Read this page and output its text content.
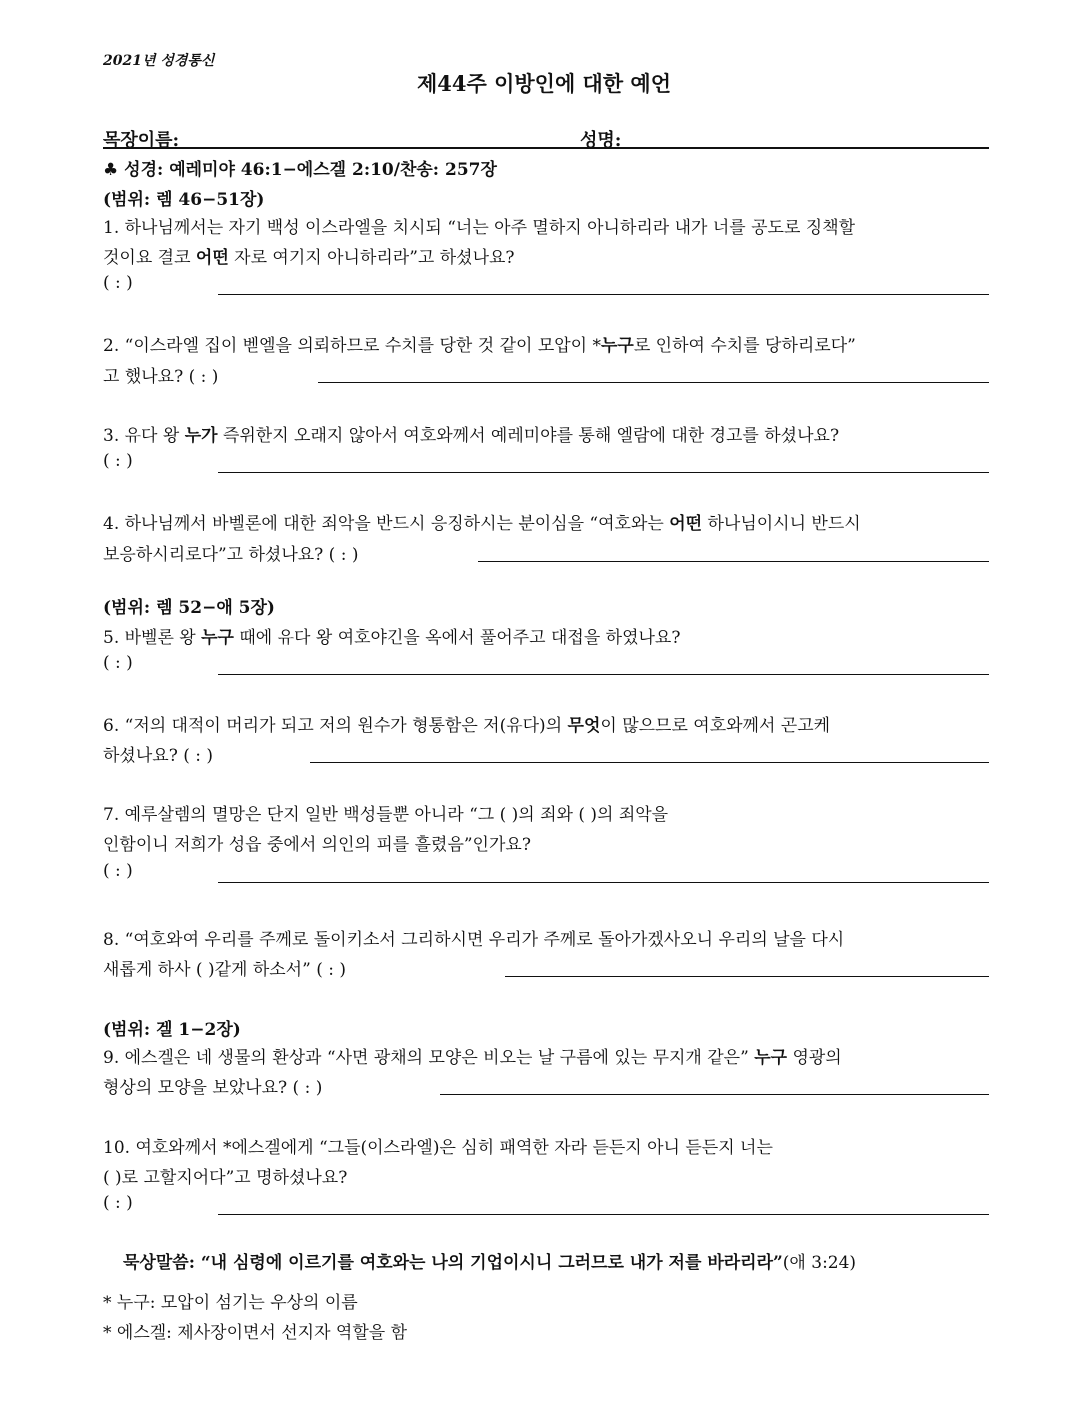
2021년 성경통신
제44주 이방인에 대한 예언
목장이름:	성명:
♣ 성경: 예레미야 46:1−에스겔 2:10/찬송: 257장
(범위: 렘 46−51장)
1. 하나님께서는 자기 백성 이스라엘을 치시되 “너는 아주 멸하지 아니하리라 내가 너를 공도로 징책할
것이요 결코 어떤 자로 여기지 아니하리라”고 하셨나요?
( : )
2. “이스라엘 집이 벧엘을 의뢰하므로 수치를 당한 것 같이 모압이 *누구로 인하여 수치를 당하리로다”
고 했나요? ( : )
3. 유다 왕 누가 즉위한지 오래지 않아서 여호와께서 예레미야를 통해 엘람에 대한 경고를 하셨나요?
( : )
4. 하나님께서 바벨론에 대한 죄악을 반드시 응징하시는 분이심을 “여호와는 어떤 하나님이시니 반드시
보응하시리로다”고 하셨나요? ( : )
(범위: 렘 52−애 5장)
5. 바벨론 왕 누구 때에 유다 왕 여호야긴을 옥에서 풀어주고 대접을 하였나요?
( : )
6. “저의 대적이 머리가 되고 저의 원수가 형통함은 저(유다)의 무엇이 많으므로 여호와께서 곤고케
하셨나요? ( : )
7. 예루살렘의 멸망은 단지 일반 백성들뿐 아니라 “그 ( )의 죄와 ( )의 죄악을
인함이니 저희가 성읍 중에서 의인의 피를 흘렸음”인가요?
( : )
8. “여호와여 우리를 주께로 돌이키소서 그리하시면 우리가 주께로 돌아가겠사오니 우리의 날을 다시
새롭게 하사 ( )같게 하소서” ( : )
(범위: 겔 1−2장)
9. 에스겔은 네 생물의 환상과 “사면 광채의 모양은 비오는 날 구름에 있는 무지개 같은” 누구 영광의
형상의 모양을 보았나요? ( : )
10. 여호와께서 *에스겔에게 “그들(이스라엘)은 심히 패역한 자라 듣든지 아니 듣든지 너는
( )로 고할지어다”고 명하셨나요?
( : )
묵상말씀: “내 심령에 이르기를 여호와는 나의 기업이시니 그러므로 내가 저를 바라리라”(애 3:24)
* 누구: 모압이 섬기는 우상의 이름
* 에스겔: 제사장이면서 선지자 역할을 함
